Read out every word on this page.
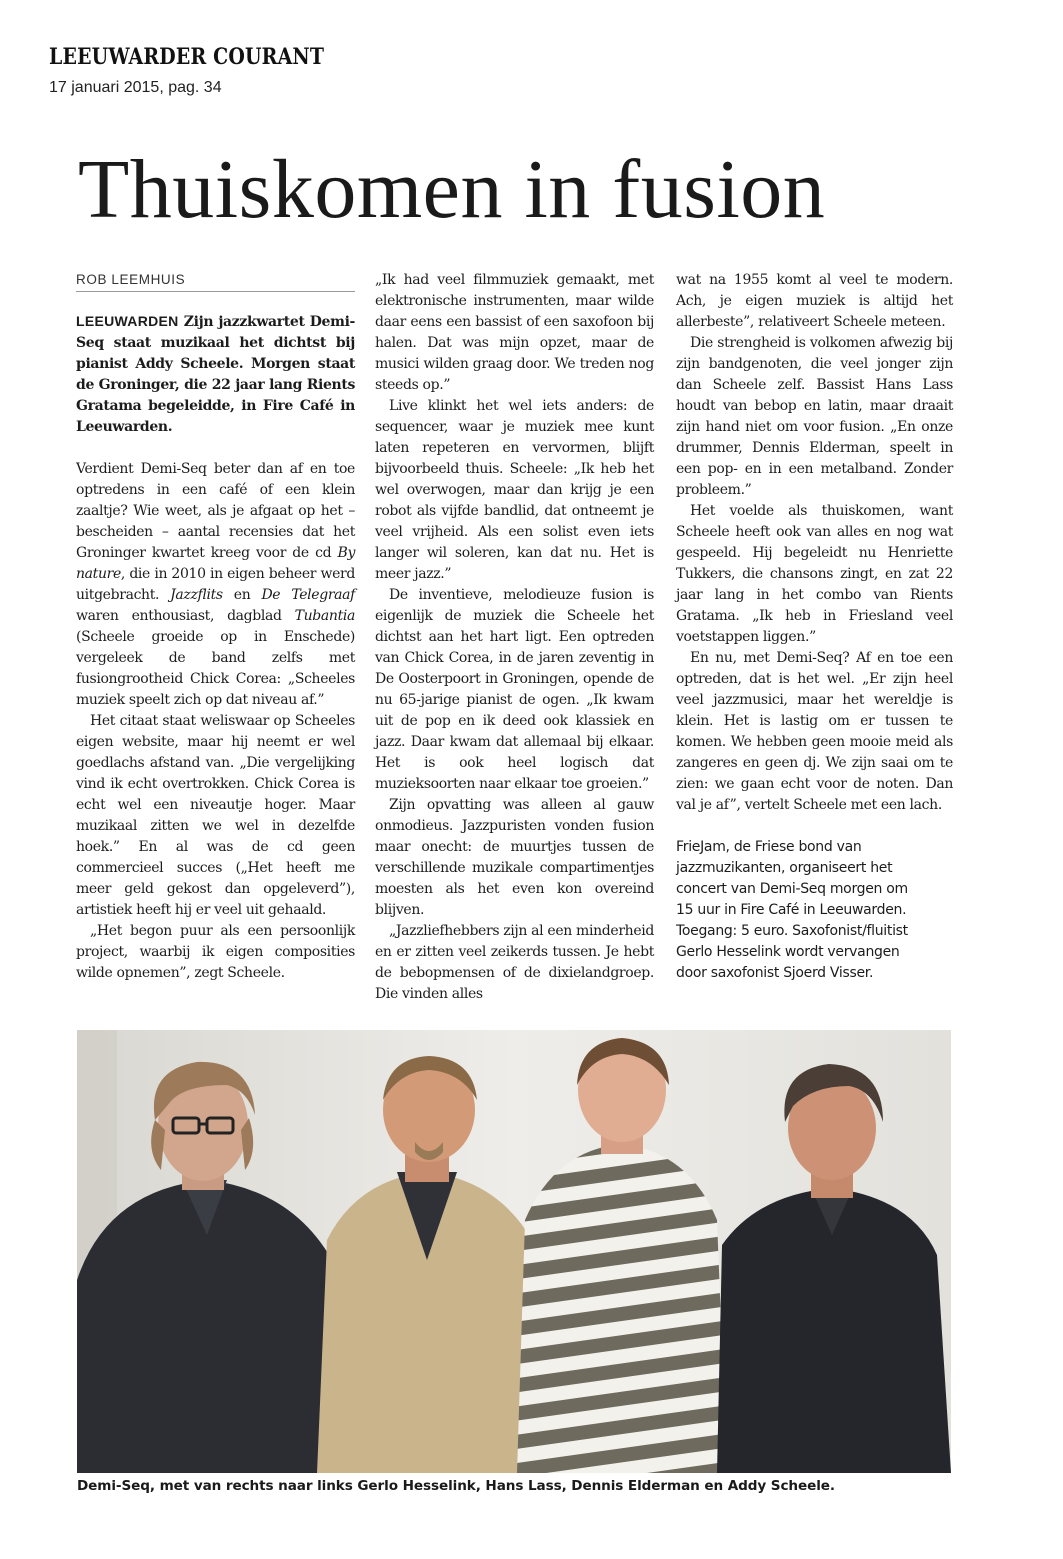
LEEUWARDER COURANT
17 januari 2015, pag. 34
Thuiskomen in fusion
ROB LEEMHUIS

LEEUWARDEN Zijn jazzkwartet Demi-Seq staat muzikaal het dichtst bij pianist Addy Scheele. Morgen staat de Groninger, die 22 jaar lang Rients Gratama begeleidde, in Fire Café in Leeuwarden.

Verdient Demi-Seq beter dan af en toe optredens in een café of een klein zaaltje? Wie weet, als je afgaat op het – bescheiden – aantal recensies dat het Groninger kwartet kreeg voor de cd By nature, die in 2010 in eigen beheer werd uitgebracht. Jazzflits en De Telegraaf waren enthousiast, dagblad Tubantia (Scheele groeide op in Enschede) vergeleek de band zelfs met fusiongrootheid Chick Corea: „Scheeles muziek speelt zich op dat niveau af.”

Het citaat staat weliswaar op Scheeles eigen website, maar hij neemt er wel goedlachs afstand van. „Die vergelijking vind ik echt overtrokken. Chick Corea is echt wel een niveautje hoger. Maar muzikaal zitten we wel in dezelfde hoek.” En al was de cd geen commercieel succes („Het heeft me meer geld gekost dan opgeleverd”), artistiek heeft hij er veel uit gehaald.

„Het begon puur als een persoonlijk project, waarbij ik eigen composities wilde opnemen”, zegt Scheele.

„Ik had veel filmmuziek gemaakt, met elektronische instrumenten, maar wilde daar eens een bassist of een saxofoon bij halen. Dat was mijn opzet, maar de musici wilden graag door. We treden nog steeds op.”

Live klinkt het wel iets anders: de sequencer, waar je muziek mee kunt laten repeteren en vervormen, blijft bijvoorbeeld thuis. Scheele: „Ik heb het wel overwogen, maar dan krijg je een robot als vijfde bandlid, dat ontneemt je veel vrijheid. Als een solist even iets langer wil soleren, kan dat nu. Het is meer jazz.”

De inventieve, melodieuze fusion is eigenlijk de muziek die Scheele het dichtst aan het hart ligt. Een optreden van Chick Corea, in de jaren zeventig in De Oosterpoort in Groningen, opende de nu 65-jarige pianist de ogen. „Ik kwam uit de pop en ik deed ook klassiek en jazz. Daar kwam dat allemaal bij elkaar. Het is ook heel logisch dat muzieksoorten naar elkaar toe groeien.”

Zijn opvatting was alleen al gauw onmodieus. Jazzpuristen vonden fusion maar onecht: de muurtjes tussen de verschillende muzikale compartimentjes moesten als het even kon overeind blijven.

„Jazzliefhebbers zijn al een minderheid en er zitten veel zeikerds tussen. Je hebt de bebopmensen of de dixielandgroep. Die vinden alles

wat na 1955 komt al veel te modern. Ach, je eigen muziek is altijd het allerbeste”, relativeert Scheele meteen.

Die strengheid is volkomen afwezig bij zijn bandgenoten, die veel jonger zijn dan Scheele zelf. Bassist Hans Lass houdt van bebop en latin, maar draait zijn hand niet om voor fusion. „En onze drummer, Dennis Elderman, speelt in een pop- en in een metalband. Zonder probleem.”

Het voelde als thuiskomen, want Scheele heeft ook van alles en nog wat gespeeld. Hij begeleidt nu Henriette Tukkers, die chansons zingt, en zat 22 jaar lang in het combo van Rients Gratama. „Ik heb in Friesland veel voetstappen liggen.”

En nu, met Demi-Seq? Af en toe een optreden, dat is het wel. „Er zijn heel veel jazzmusici, maar het wereldje is klein. Het is lastig om er tussen te komen. We hebben geen mooie meid als zangeres en geen dj. We zijn saai om te zien: we gaan echt voor de noten. Dan val je af”, vertelt Scheele met een lach.

FrieJam, de Friese bond van
jazzmuzikanten, organiseert het
concert van Demi-Seq morgen om
15 uur in Fire Café in Leeuwarden.
Toegang: 5 euro. Saxofonist/fluitist
Gerlo Hesselink wordt vervangen
door saxofonist Sjoerd Visser.
Demi-Seq, met van rechts naar links Gerlo Hesselink, Hans Lass, Dennis Elderman en Addy Scheele.
